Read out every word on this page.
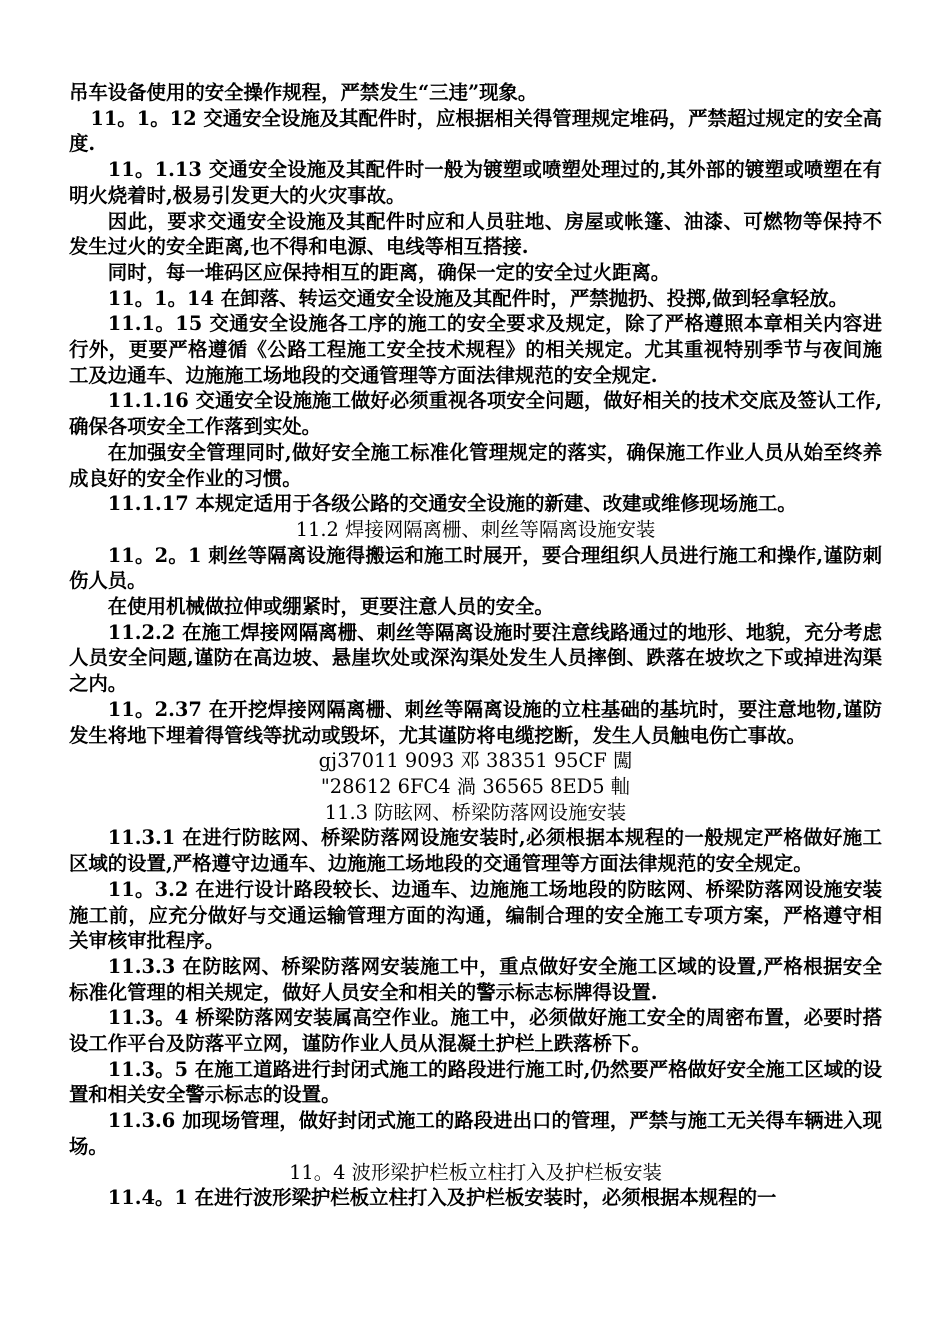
吊车设备使用的安全操作规程，严禁发生“三违”现象。

11。1。12 交通安全设施及其配件时，应根据相关得管理规定堆码，严禁超过规定的安全高度.

11。1.13 交通安全设施及其配件时一般为镀塑或喷塑处理过的,其外部的镀塑或喷塑在有明火烧着时,极易引发更大的火灾事故。

因此，要求交通安全设施及其配件时应和人员驻地、房屋或帐篷、油漆、可燃物等保持不发生过火的安全距离,也不得和电源、电线等相互搭接.

同时，每一堆码区应保持相互的距离，确保一定的安全过火距离。

11。1。14 在卸落、转运交通安全设施及其配件时，严禁抛扔、投掷,做到轻拿轻放。

11.1。15 交通安全设施各工序的施工的安全要求及规定，除了严格遵照本章相关内容进行外，更要严格遵循《公路工程施工安全技术规程》的相关规定。尤其重视特别季节与夜间施工及边通车、边施施工场地段的交通管理等方面法律规范的安全规定.

11.1.16 交通安全设施施工做好必须重视各项安全问题，做好相关的技术交底及签认工作,确保各项安全工作落到实处。

在加强安全管理同时,做好安全施工标准化管理规定的落实，确保施工作业人员从始至终养成良好的安全作业的习惯。

11.1.17 本规定适用于各级公路的交通安全设施的新建、改建或维修现场施工。

11.2 焊接网隔离栅、刺丝等隔离设施安装

11。2。1 刺丝等隔离设施得搬运和施工时展开，要合理组织人员进行施工和操作,谨防刺伤人员。

在使用机械做拉伸或绷紧时，更要注意人员的安全。

11.2.2 在施工焊接网隔离栅、刺丝等隔离设施时要注意线路通过的地形、地貌，充分考虑人员安全问题,谨防在高边坡、悬崖坎处或深沟渠处发生人员摔倒、跌落在坡坎之下或掉进沟渠之内。

11。2.37 在开挖焊接网隔离栅、刺丝等隔离设施的立柱基础的基坑时，要注意地物,谨防发生将地下埋着得管线等扰动或毁坏，尤其谨防将电缆挖断，发生人员触电伤亡事故。

gj37011 9093 邓 38351 95CF 闖

"28612 6FC4 渦 36565 8ED5 軕

11.3 防眩网、桥梁防落网设施安装

11.3.1 在进行防眩网、桥梁防落网设施安装时,必须根据本规程的一般规定严格做好施工区域的设置,严格遵守边通车、边施施工场地段的交通管理等方面法律规范的安全规定。

11。3.2 在进行设计路段较长、边通车、边施施工场地段的防眩网、桥梁防落网设施安装施工前，应充分做好与交通运输管理方面的沟通，编制合理的安全施工专项方案，严格遵守相关审核审批程序。

11.3.3 在防眩网、桥梁防落网安装施工中，重点做好安全施工区域的设置,严格根据安全标准化管理的相关规定，做好人员安全和相关的警示标志标牌得设置.

11.3。4 桥梁防落网安装属高空作业。施工中，必须做好施工安全的周密布置，必要时搭设工作平台及防落平立网，谨防作业人员从混凝土护栏上跌落桥下。

11.3。5 在施工道路进行封闭式施工的路段进行施工时,仍然要严格做好安全施工区域的设置和相关安全警示标志的设置。

11.3.6 加现场管理，做好封闭式施工的路段进出口的管理，严禁与施工无关得车辆进入现场。

11。4 波形梁护栏板立柱打入及护栏板安装

11.4。1 在进行波形梁护栏板立柱打入及护栏板安装时，必须根据本规程的一
